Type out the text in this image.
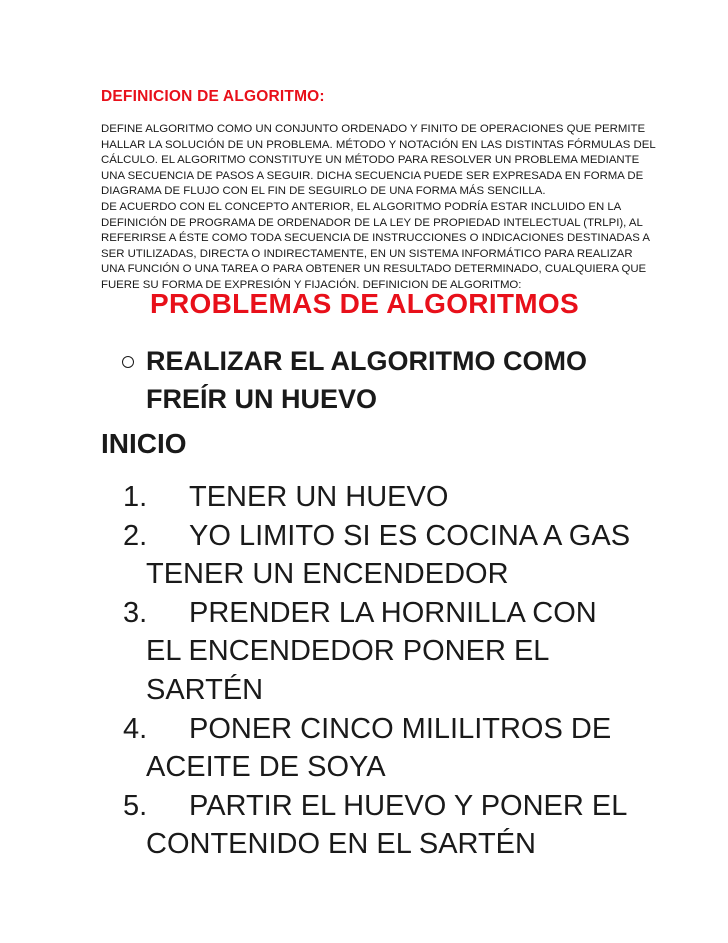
DEFINICION DE ALGORITMO:
DEFINE ALGORITMO COMO UN CONJUNTO ORDENADO Y FINITO DE OPERACIONES QUE PERMITE
HALLAR LA SOLUCIÓN DE UN PROBLEMA. MÉTODO Y NOTACIÓN EN LAS DISTINTAS FÓRMULAS DEL
CÁLCULO. EL ALGORITMO CONSTITUYE UN MÉTODO PARA RESOLVER UN PROBLEMA MEDIANTE
UNA SECUENCIA DE PASOS A SEGUIR. DICHA SECUENCIA PUEDE SER EXPRESADA EN FORMA DE
DIAGRAMA DE FLUJO CON EL FIN DE SEGUIRLO DE UNA FORMA MÁS SENCILLA.
DE ACUERDO CON EL CONCEPTO ANTERIOR, EL ALGORITMO PODRÍA ESTAR INCLUIDO EN LA
DEFINICIÓN DE PROGRAMA DE ORDENADOR DE LA LEY DE PROPIEDAD INTELECTUAL (TRLPI), AL
REFERIRSE A ÉSTE COMO TODA SECUENCIA DE INSTRUCCIONES O INDICACIONES DESTINADAS A
SER UTILIZADAS, DIRECTA O INDIRECTAMENTE, EN UN SISTEMA INFORMÁTICO PARA REALIZAR
UNA FUNCIÓN O UNA TAREA O PARA OBTENER UN RESULTADO DETERMINADO, CUALQUIERA QUE
FUERE SU FORMA DE EXPRESIÓN Y FIJACIÓN. DEFINICION DE ALGORITMO:
PROBLEMAS DE ALGORITMOS
REALIZAR EL ALGORITMO COMO
FREÍR UN HUEVO
INICIO
1. TENER UN HUEVO
2. YO LIMITO SI ES COCINA A GAS
TENER UN ENCENDEDOR
3. PRENDER LA HORNILLA CON
EL ENCENDEDOR PONER EL
SARTÉN
4. PONER CINCO MILILITROS DE
ACEITE DE SOYA
5. PARTIR EL HUEVO Y PONER EL
CONTENIDO EN EL SARTÉN
